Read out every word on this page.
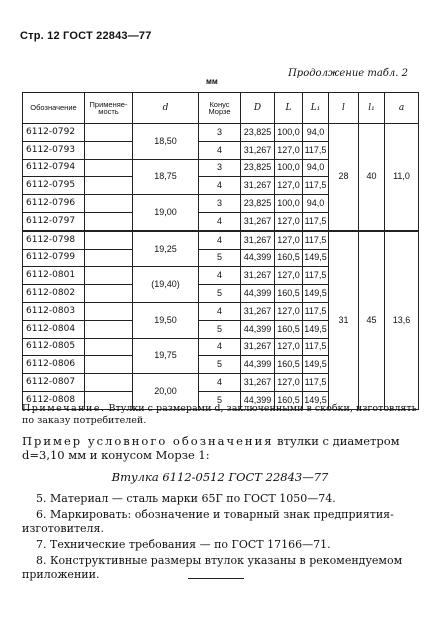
Стр. 12 ГОСТ 22843—77
Продолжение табл. 2
мм
Обозначение	Применяе-мость	d	Конус Морзе	D	L	L₁	l	l₁	a
6112-0792		18,50	3	23,825	100,0	94,0	28	40	11,0
6112-0793			4	31,267	127,0	117,5			
6112-0794		18,75	3	23,825	100,0	94,0			
6112-0795			4	31,267	127,0	117,5			
6112-0796		19,00	3	23,825	100,0	94,0			
6112-0797			4	31,267	127,0	117,5			
6112-0798		19,25	4	31,267	127,0	117,5	31	45	13,6
6112-0799			5	44,399	160,5	149,5			
6112-0801		(19,40)	4	31,267	127,0	117,5			
6112-0802			5	44,399	160,5	149,5			
6112-0803		19,50	4	31,267	127,0	117,5			
6112-0804			5	44,399	160,5	149,5			
6112-0805		19,75	4	31,267	127,0	117,5			
6112-0806			5	44,399	160,5	149,5			
6112-0807		20,00	4	31,267	127,0	117,5			
6112-0808			5	44,399	160,5	149,5			
Примечание. Втулки с размерами d, заключенными в скобки, изготовлять по заказу потребителей.
Пример условного обозначения втулки с диаметром d=3,10 мм и конусом Морзе 1:
Втулка 6112-0512 ГОСТ 22843—77
5. Материал — сталь марки 65Г по ГОСТ 1050—74.
6. Маркировать: обозначение и товарный знак предприятия-изготовителя.
7. Технические требования — по ГОСТ 17166—71.
8. Конструктивные размеры втулок указаны в рекомендуемом приложении.
